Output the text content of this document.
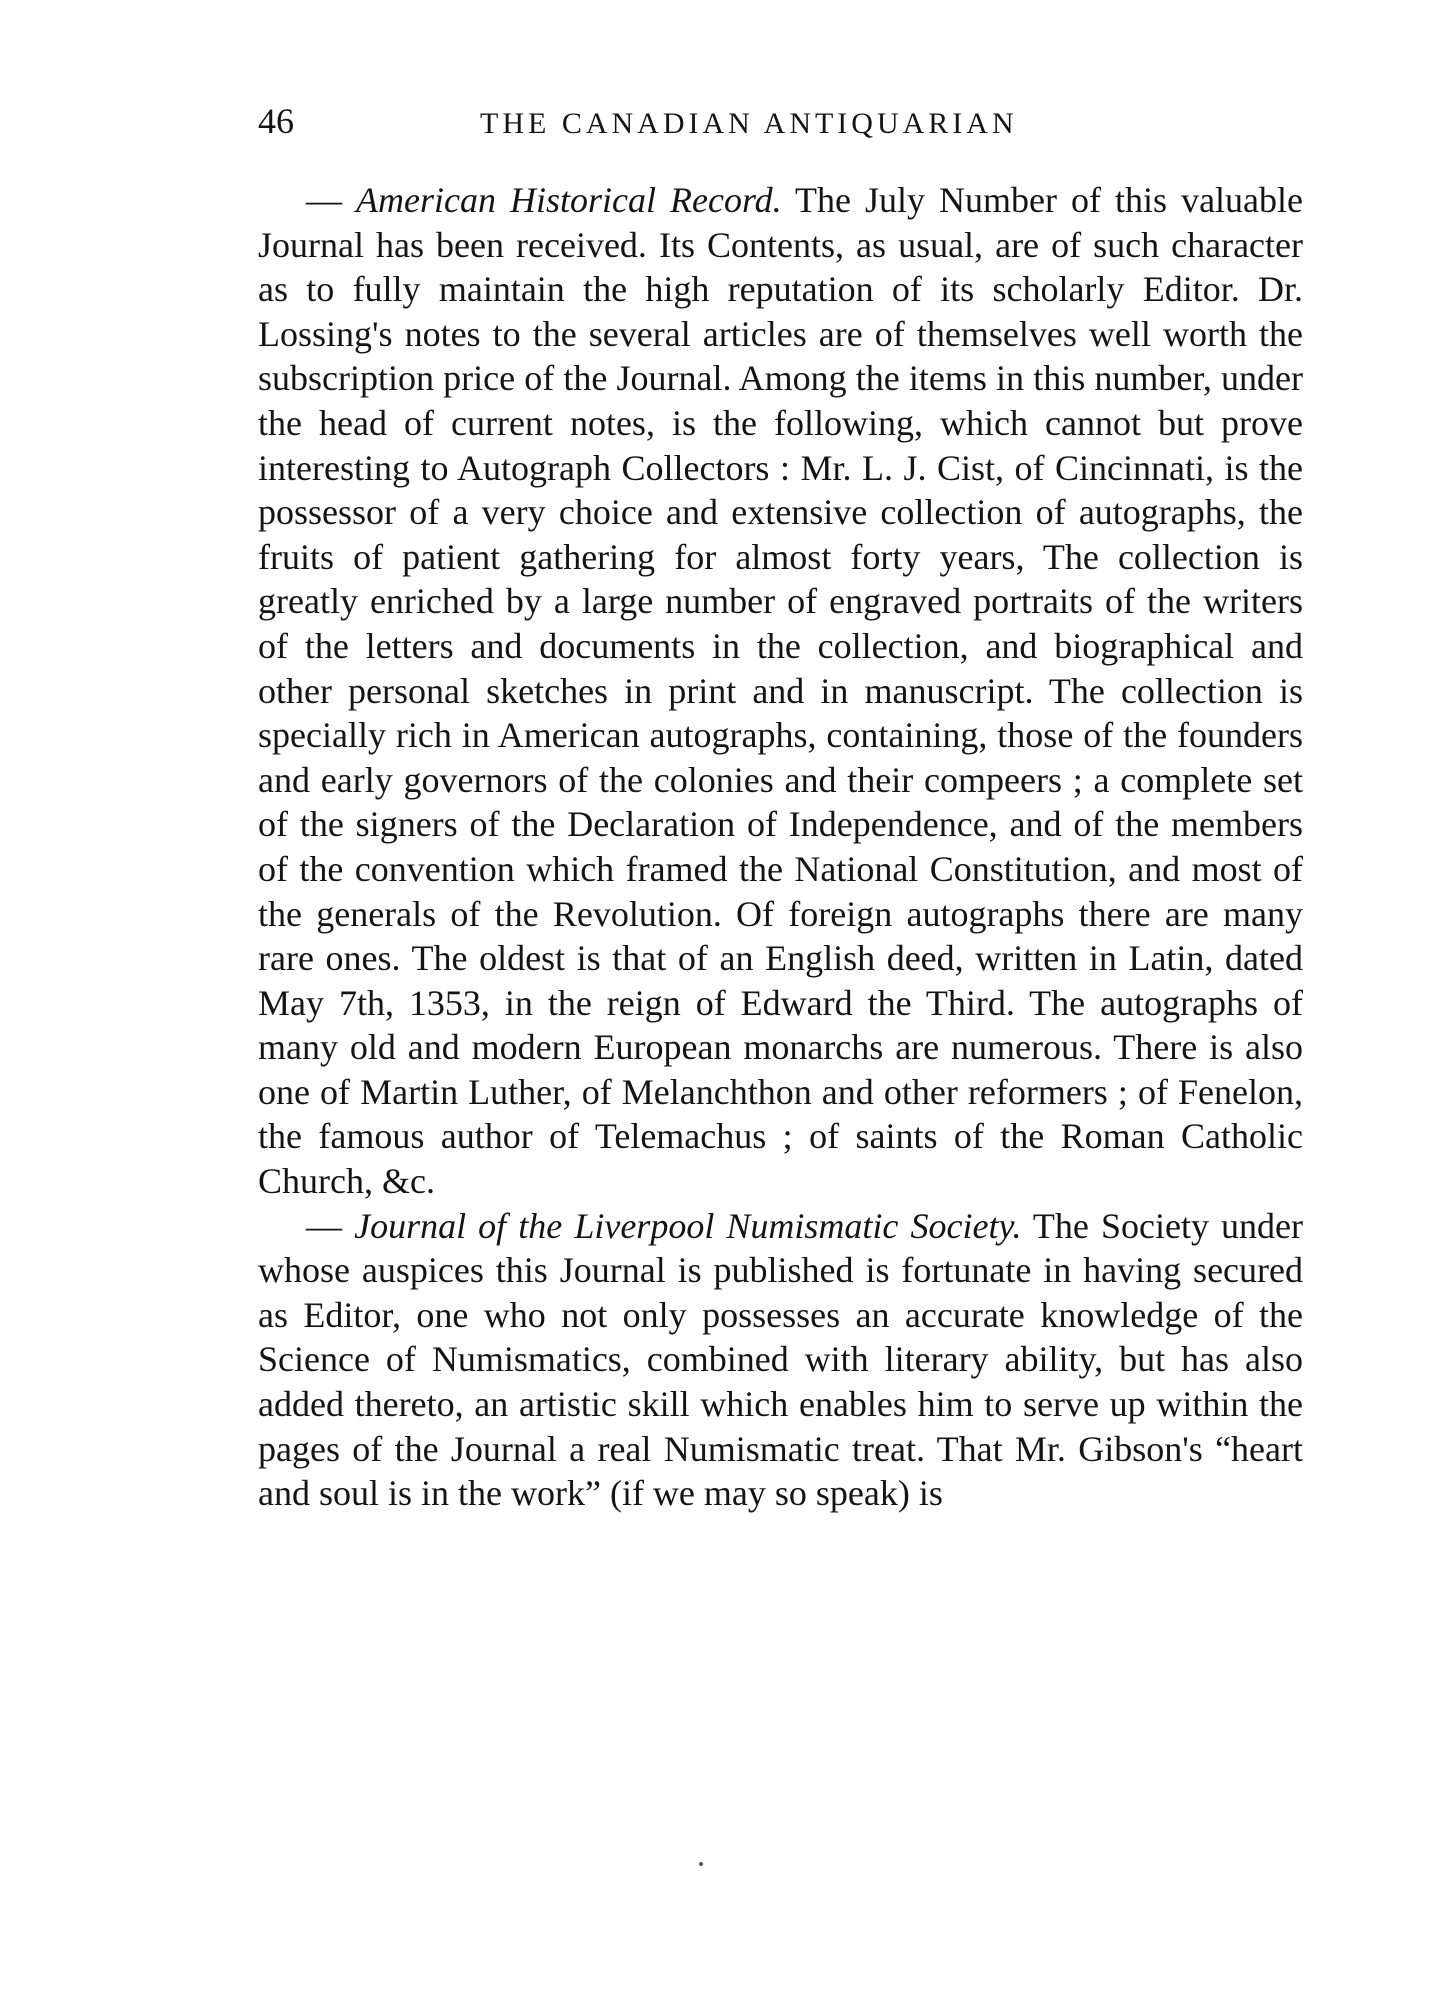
46	THE CANADIAN ANTIQUARIAN

— American Historical Record. The July Number of this valuable Journal has been received. Its Contents, as usual, are of such character as to fully maintain the high reputation of its scholarly Editor. Dr. Lossing's notes to the several articles are of themselves well worth the subscription price of the Journal. Among the items in this number, under the head of current notes, is the following, which cannot but prove interesting to Autograph Collectors : Mr. L. J. Cist, of Cincinnati, is the possessor of a very choice and extensive collection of autographs, the fruits of patient gathering for almost forty years, The collection is greatly enriched by a large number of engraved portraits of the writers of the letters and documents in the collection, and biographical and other personal sketches in print and in manuscript. The collection is specially rich in American autographs, containing, those of the founders and early governors of the colonies and their compeers ; a complete set of the signers of the Declaration of Independence, and of the members of the convention which framed the National Constitution, and most of the generals of the Revolution. Of foreign autographs there are many rare ones. The oldest is that of an English deed, written in Latin, dated May 7th, 1353, in the reign of Edward the Third. The autographs of many old and modern European monarchs are numerous. There is also one of Martin Luther, of Melanchthon and other reformers ; of Fenelon, the famous author of Telemachus ; of saints of the Roman Catholic Church, &c.

— Journal of the Liverpool Numismatic Society. The Society under whose auspices this Journal is published is fortunate in having secured as Editor, one who not only possesses an accurate knowledge of the Science of Numismatics, combined with literary ability, but has also added thereto, an artistic skill which enables him to serve up within the pages of the Journal a real Numismatic treat. That Mr. Gibson's “heart and soul is in the work” (if we may so speak) is
